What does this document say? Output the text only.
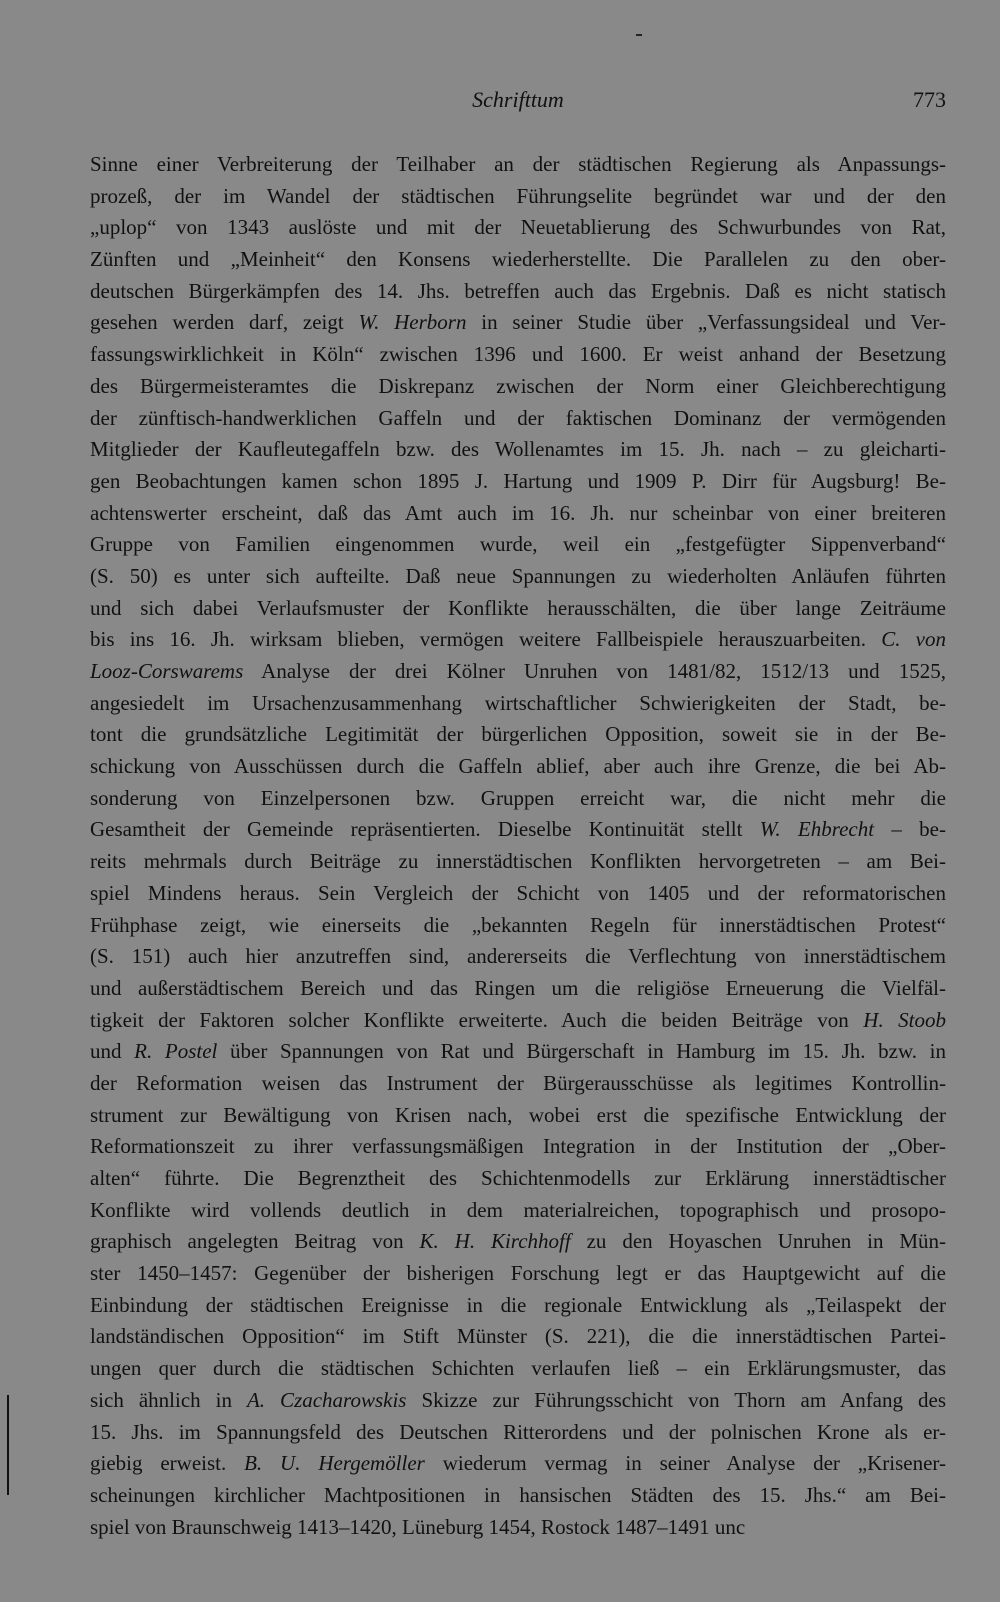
Schrifttum	773
Sinne einer Verbreiterung der Teilhaber an der städtischen Regierung als Anpassungs-
prozeß, der im Wandel der städtischen Führungselite begründet war und der den
„uplop“ von 1343 auslöste und mit der Neuetablierung des Schwurbundes von Rat,
Zünften und „Meinheit“ den Konsens wiederherstellte. Die Parallelen zu den ober-
deutschen Bürgerkämpfen des 14. Jhs. betreffen auch das Ergebnis. Daß es nicht statisch
gesehen werden darf, zeigt W. Herborn in seiner Studie über „Verfassungsideal und Ver-
fassungswirklichkeit in Köln“ zwischen 1396 und 1600. Er weist anhand der Besetzung
des Bürgermeisteramtes die Diskrepanz zwischen der Norm einer Gleichberechtigung
der zünftisch-handwerklichen Gaffeln und der faktischen Dominanz der vermögenden
Mitglieder der Kaufleutegaffeln bzw. des Wollenamtes im 15. Jh. nach – zu gleicharti-
gen Beobachtungen kamen schon 1895 J. Hartung und 1909 P. Dirr für Augsburg! Be-
achtenswerter erscheint, daß das Amt auch im 16. Jh. nur scheinbar von einer breiteren
Gruppe von Familien eingenommen wurde, weil ein „festgefügter Sippenverband“
(S. 50) es unter sich aufteilte. Daß neue Spannungen zu wiederholten Anläufen führten
und sich dabei Verlaufsmuster der Konflikte herausschälten, die über lange Zeiträume
bis ins 16. Jh. wirksam blieben, vermögen weitere Fallbeispiele herauszuarbeiten. C. von
Looz-Corswarems Analyse der drei Kölner Unruhen von 1481/82, 1512/13 und 1525,
angesiedelt im Ursachenzusammenhang wirtschaftlicher Schwierigkeiten der Stadt, be-
tont die grundsätzliche Legitimität der bürgerlichen Opposition, soweit sie in der Be-
schickung von Ausschüssen durch die Gaffeln ablief, aber auch ihre Grenze, die bei Ab-
sonderung von Einzelpersonen bzw. Gruppen erreicht war, die nicht mehr die
Gesamtheit der Gemeinde repräsentierten. Dieselbe Kontinuität stellt W. Ehbrecht – be-
reits mehrmals durch Beiträge zu innerstädtischen Konflikten hervorgetreten – am Bei-
spiel Mindens heraus. Sein Vergleich der Schicht von 1405 und der reformatorischen
Frühphase zeigt, wie einerseits die „bekannten Regeln für innerstädtischen Protest“
(S. 151) auch hier anzutreffen sind, andererseits die Verflechtung von innerstädtischem
und außerstädtischem Bereich und das Ringen um die religiöse Erneuerung die Vielfäl-
tigkeit der Faktoren solcher Konflikte erweiterte. Auch die beiden Beiträge von H. Stoob
und R. Postel über Spannungen von Rat und Bürgerschaft in Hamburg im 15. Jh. bzw. in
der Reformation weisen das Instrument der Bürgerausschüsse als legitimes Kontrollin-
strument zur Bewältigung von Krisen nach, wobei erst die spezifische Entwicklung der
Reformationszeit zu ihrer verfassungsmäßigen Integration in der Institution der „Ober-
alten“ führte. Die Begrenztheit des Schichtenmodells zur Erklärung innerstädtischer
Konflikte wird vollends deutlich in dem materialreichen, topographisch und prosopo-
graphisch angelegten Beitrag von K. H. Kirchhoff zu den Hoyaschen Unruhen in Mün-
ster 1450–1457: Gegenüber der bisherigen Forschung legt er das Hauptgewicht auf die
Einbindung der städtischen Ereignisse in die regionale Entwicklung als „Teilaspekt der
landständischen Opposition“ im Stift Münster (S. 221), die die innerstädtischen Partei-
ungen quer durch die städtischen Schichten verlaufen ließ – ein Erklärungsmuster, das
sich ähnlich in A. Czacharowskis Skizze zur Führungsschicht von Thorn am Anfang des
15. Jhs. im Spannungsfeld des Deutschen Ritterordens und der polnischen Krone als er-
giebig erweist. B. U. Hergemöller wiederum vermag in seiner Analyse der „Krisener-
scheinungen kirchlicher Machtpositionen in hansischen Städten des 15. Jhs.“ am Bei-
spiel von Braunschweig 1413–1420, Lüneburg 1454, Rostock 1487–1491 unc
